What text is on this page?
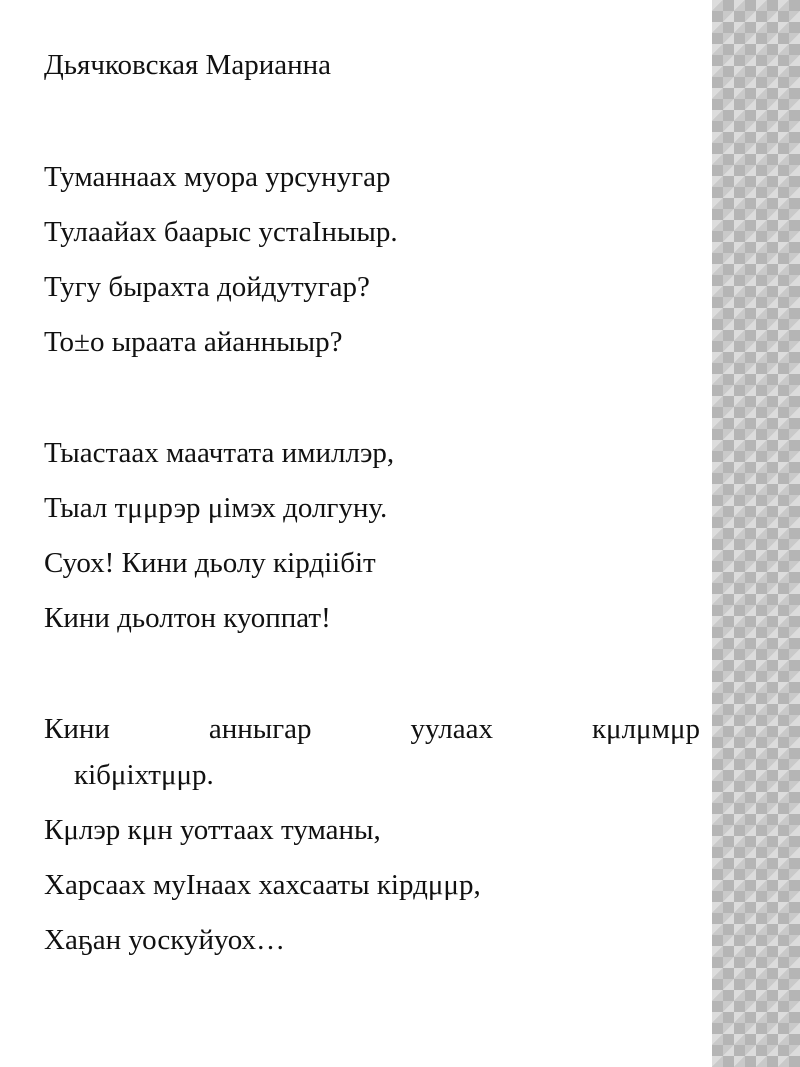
Дьячковская Марианна
Туманнаах муора урсунугар
Тулаайах баарыс устаІныыр.
Тугу бырахта дойдутугар?
То±о ыраата айанныыр?
Тыастаах маачтата имиллэр,
Тыал тμμрэр μімэх долгуну.
Суох! Кини дьолу кірдіібіт
Кини дьолтон куоппат!
Кини	анныгар	уулаах	кμлμмμр
кібμіхтμμр.
Кμлэр кμн уоттаах туманы,
Харсаах муІнаах хахсааты кірдμμр,
Хаҕан уоскуйуох…
